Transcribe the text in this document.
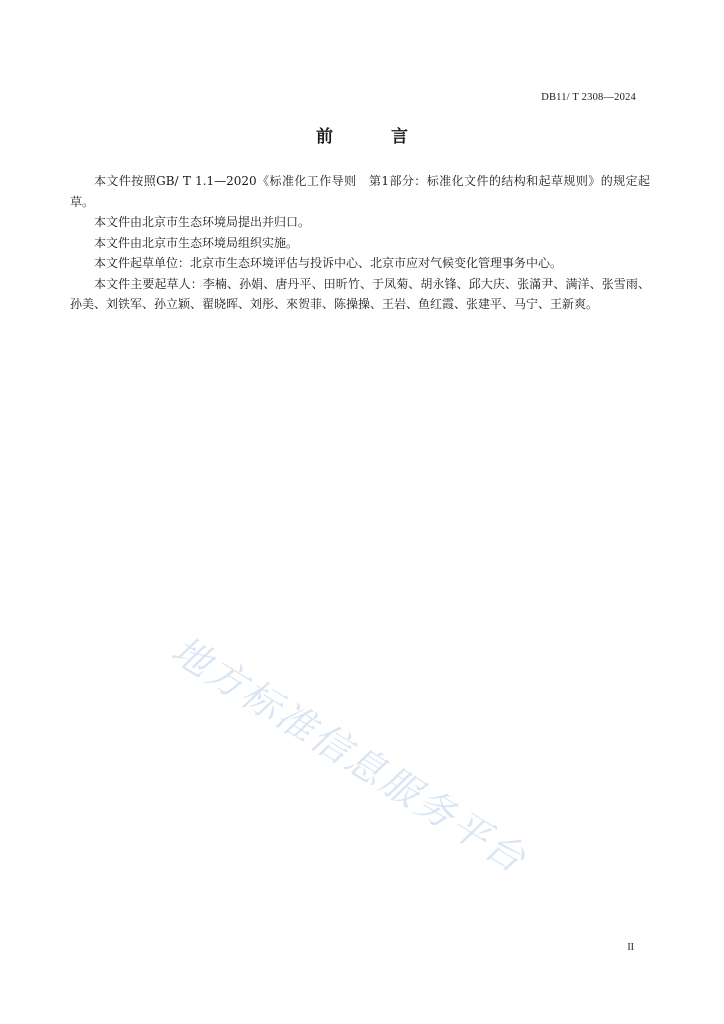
DB11/ T 2308—2024
前 言

本文件按照GB/ T 1.1—2020《标准化工作导则　第1部分：标准化文件的结构和起草规则》的规定起草。

本文件由北京市生态环境局提出并归口。

本文件由北京市生态环境局组织实施。

本文件起草单位：北京市生态环境评估与投诉中心、北京市应对气候变化管理事务中心。

本文件主要起草人：李楠、孙娟、唐丹平、田昕竹、于凤菊、胡永锋、邱大庆、张滿尹、满洋、张雪雨、孙美、刘铁军、孙立颖、翟晓晖、刘彤、來贺菲、陈操操、王岩、鱼红霞、张建平、马宁、王新爽。

地方标准信息服务平台
II
